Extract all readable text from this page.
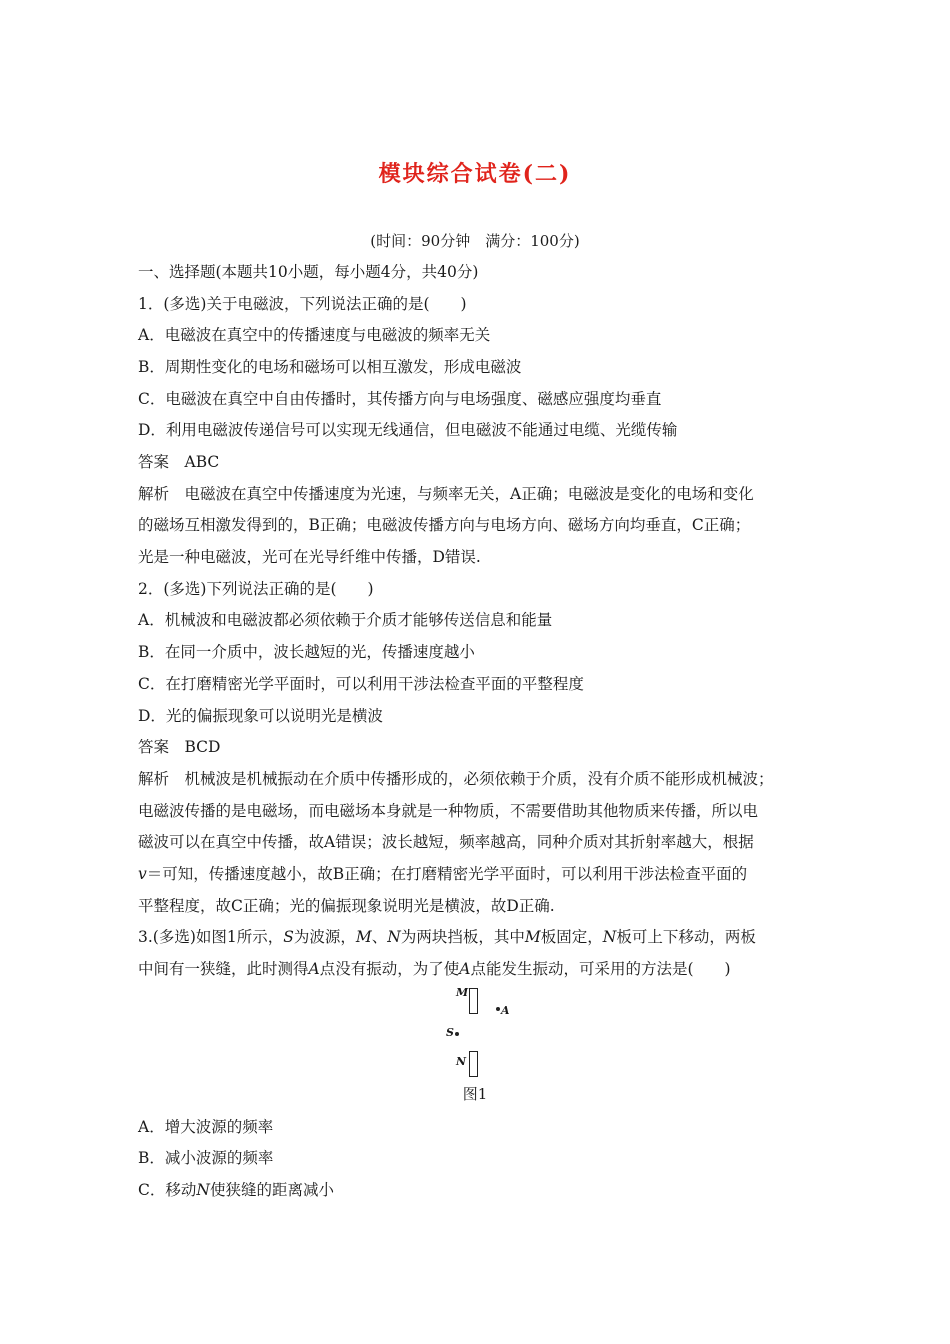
模块综合试卷(二)
(时间：90分钟　满分：100分)
一、选择题(本题共10小题，每小题4分，共40分)
1．(多选)关于电磁波，下列说法正确的是(　　)
A．电磁波在真空中的传播速度与电磁波的频率无关
B．周期性变化的电场和磁场可以相互激发，形成电磁波
C．电磁波在真空中自由传播时，其传播方向与电场强度、磁感应强度均垂直
D．利用电磁波传递信号可以实现无线通信，但电磁波不能通过电缆、光缆传输
答案　ABC
解析　电磁波在真空中传播速度为光速，与频率无关，A正确；电磁波是变化的电场和变化
的磁场互相激发得到的，B正确；电磁波传播方向与电场方向、磁场方向均垂直，C正确；
光是一种电磁波，光可在光导纤维中传播，D错误.
2．(多选)下列说法正确的是(　　)
A．机械波和电磁波都必须依赖于介质才能够传送信息和能量
B．在同一介质中，波长越短的光，传播速度越小
C．在打磨精密光学平面时，可以利用干涉法检查平面的平整程度
D．光的偏振现象可以说明光是横波
答案　BCD
解析　机械波是机械振动在介质中传播形成的，必须依赖于介质，没有介质不能形成机械波；
电磁波传播的是电磁场，而电磁场本身就是一种物质，不需要借助其他物质来传播，所以电
磁波可以在真空中传播，故A错误；波长越短，频率越高，同种介质对其折射率越大，根据
v＝可知，传播速度越小，故B正确；在打磨精密光学平面时，可以利用干涉法检查平面的
平整程度，故C正确；光的偏振现象说明光是横波，故D正确.
3.(多选)如图1所示，S为波源，M、N为两块挡板，其中M板固定，N板可上下移动，两板
中间有一狭缝，此时测得A点没有振动，为了使A点能发生振动，可采用的方法是(　　)
M
A
S
N
图1
A．增大波源的频率
B．减小波源的频率
C．移动N使狭缝的距离减小
